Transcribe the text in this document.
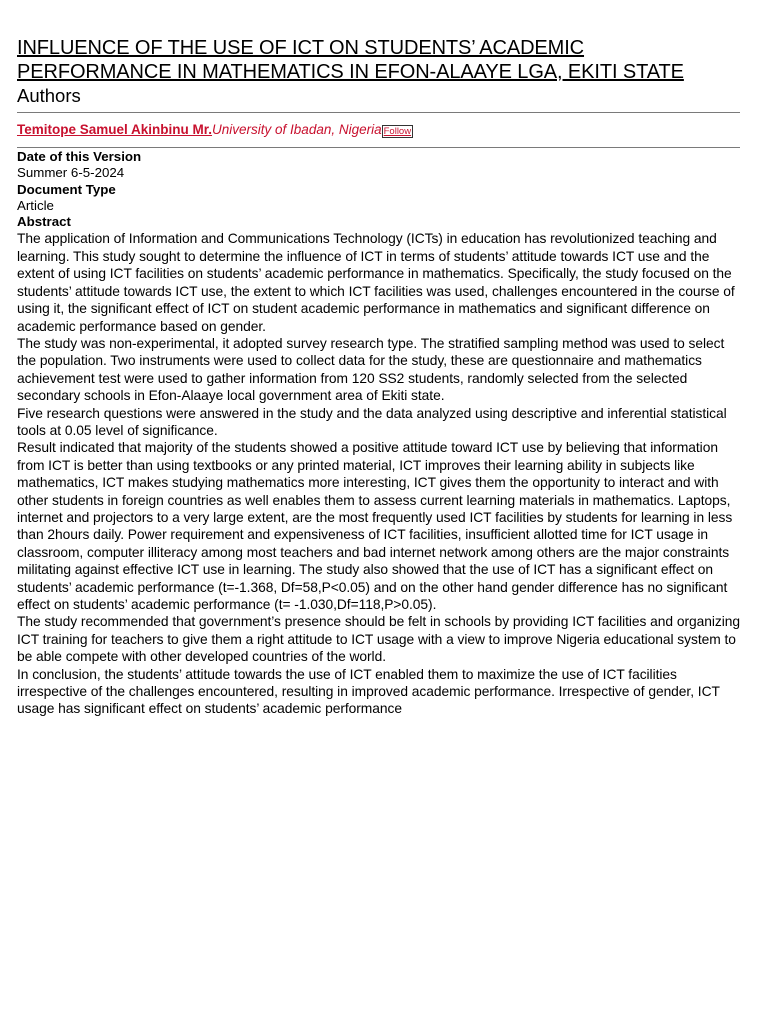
INFLUENCE OF THE USE OF ICT ON STUDENTS’ ACADEMIC
PERFORMANCE IN MATHEMATICS IN EFON-ALAAYE LGA, EKITI STATE
Authors
Temitope Samuel Akinbinu Mr.University of Ibadan, Nigeria Follow
Date of this Version
Summer 6-5-2024
Document Type
Article
Abstract

The application of Information and Communications Technology (ICTs) in education has revolutionized teaching and learning. This study sought to determine the influence of ICT in terms of students’ attitude towards ICT use and the extent of using ICT facilities on students’ academic performance in mathematics. Specifically, the study focused on the students’ attitude towards ICT use, the extent to which ICT facilities was used, challenges encountered in the course of using it, the significant effect of ICT on student academic performance in mathematics and significant difference on academic performance based on gender.

The study was non-experimental, it adopted survey research type. The stratified sampling method was used to select the population. Two instruments were used to collect data for the study, these are questionnaire and mathematics achievement test were used to gather information from 120 SS2 students, randomly selected from the selected secondary schools in Efon-Alaaye local government area of Ekiti state.

Five research questions were answered in the study and the data analyzed using descriptive and inferential statistical tools at 0.05 level of significance.

Result indicated that majority of the students showed a positive attitude toward ICT use by believing that information from ICT is better than using textbooks or any printed material, ICT improves their learning ability in subjects like mathematics, ICT makes studying mathematics more interesting, ICT gives them the opportunity to interact and with other students in foreign countries as well enables them to assess current learning materials in mathematics. Laptops, internet and projectors to a very large extent, are the most frequently used ICT facilities by students for learning in less than 2hours daily. Power requirement and expensiveness of ICT facilities, insufficient allotted time for ICT usage in classroom, computer illiteracy among most teachers and bad internet network among others are the major constraints militating against effective ICT use in learning. The study also showed that the use of ICT has a significant effect on students’ academic performance (t=-1.368, Df=58,P<0.05) and on the other hand gender difference has no significant effect on students’ academic performance (t= -1.030,Df=118,P>0.05).

The study recommended that government’s presence should be felt in schools by providing ICT facilities and organizing ICT training for teachers to give them a right attitude to ICT usage with a view to improve Nigeria educational system to be able compete with other developed countries of the world.

In conclusion, the students’ attitude towards the use of ICT enabled them to maximize the use of ICT facilities irrespective of the challenges encountered, resulting in improved academic performance. Irrespective of gender, ICT usage has significant effect on students’ academic performance
